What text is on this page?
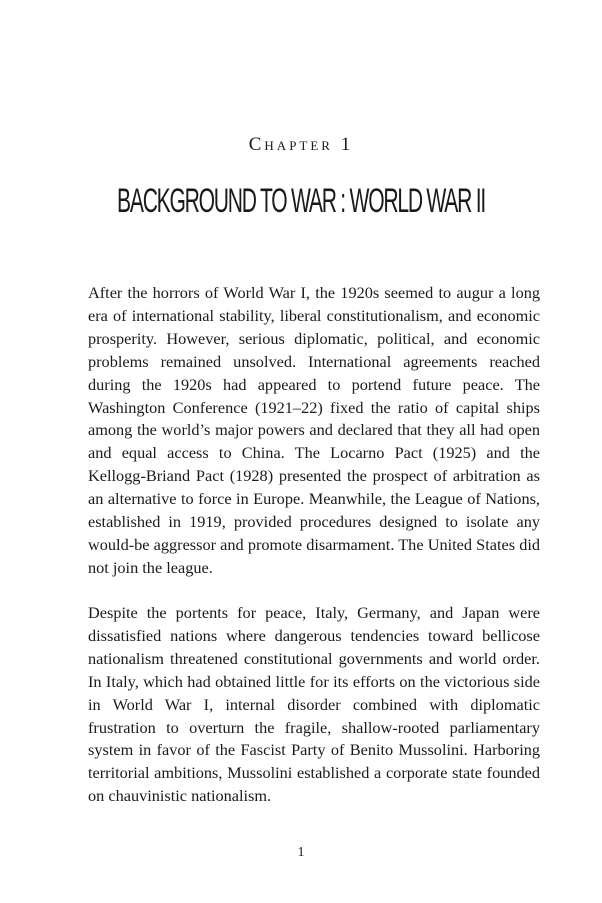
Chapter 1
BACKGROUND TO WAR : WORLD WAR II

After the horrors of World War I, the 1920s seemed to augur a long era of international stability, liberal constitutionalism, and economic prosperity. However, serious diplomatic, political, and economic problems remained unsolved. International agreements reached during the 1920s had appeared to portend future peace. The Washington Conference (1921–22) fixed the ratio of capital ships among the world’s major powers and declared that they all had open and equal access to China. The Locarno Pact (1925) and the Kellogg-Briand Pact (1928) presented the prospect of arbitration as an alternative to force in Europe. Meanwhile, the League of Nations, established in 1919, provided procedures designed to isolate any would-be aggressor and promote disarmament. The United States did not join the league.

Despite the portents for peace, Italy, Germany, and Japan were dissatisfied nations where dangerous tendencies toward bellicose nationalism threatened constitutional governments and world order. In Italy, which had obtained little for its efforts on the victorious side in World War I, internal disorder combined with diplomatic frustration to overturn the fragile, shallow-rooted parliamentary system in favor of the Fascist Party of Benito Mussolini. Harboring territorial ambitions, Mussolini established a corporate state founded on chauvinistic nationalism.

1
